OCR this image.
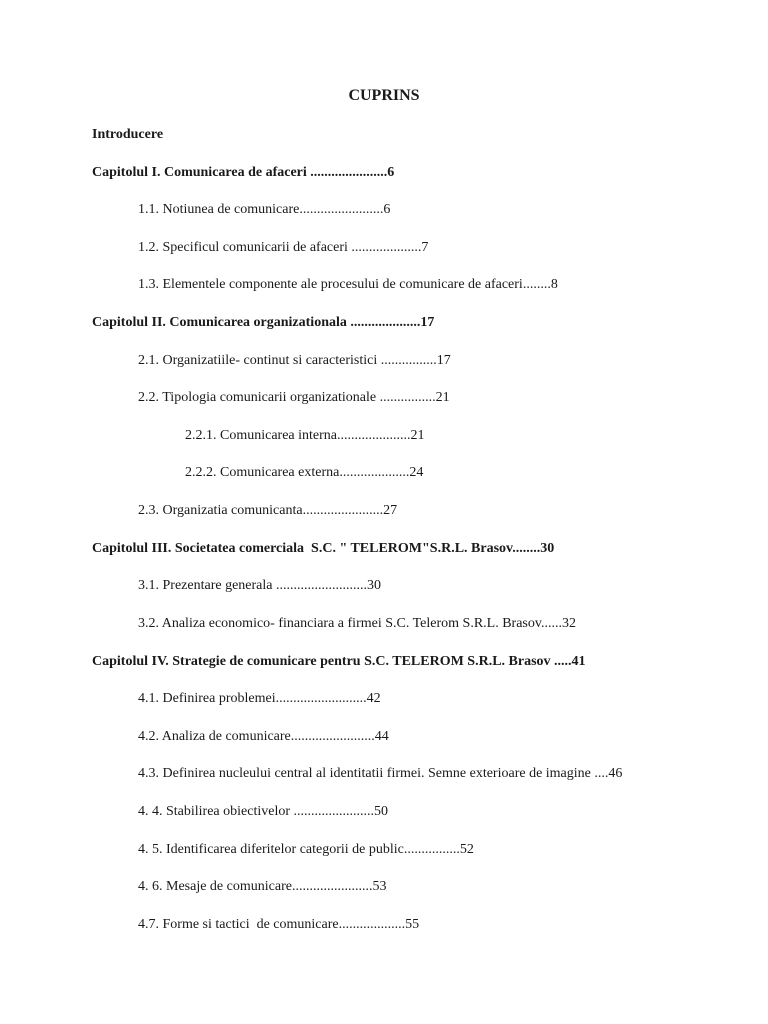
CUPRINS
Introducere
Capitolul I. Comunicarea de afaceri ......................6
1.1. Notiunea de comunicare........................6
1.2. Specificul comunicarii de afaceri ....................7
1.3. Elementele componente ale procesului de comunicare de afaceri........8
Capitolul II. Comunicarea organizationala ....................17
2.1. Organizatiile- continut si caracteristici ................17
2.2. Tipologia comunicarii organizationale ................21
2.2.1. Comunicarea interna.....................21
2.2.2. Comunicarea externa....................24
2.3. Organizatia comunicanta.......................27
Capitolul III. Societatea comerciala  S.C. " TELEROM"S.R.L. Brasov........30
3.1. Prezentare generala ..........................30
3.2. Analiza economico- financiara a firmei S.C. Telerom S.R.L. Brasov......32
Capitolul IV. Strategie de comunicare pentru S.C. TELEROM S.R.L. Brasov .....41
4.1. Definirea problemei..........................42
4.2. Analiza de comunicare........................44
4.3. Definirea nucleului central al identitatii firmei. Semne exterioare de imagine ....46
4. 4. Stabilirea obiectivelor .......................50
4. 5. Identificarea diferitelor categorii de public................52
4. 6. Mesaje de comunicare.......................53
4.7. Forme si tactici  de comunicare...................55
